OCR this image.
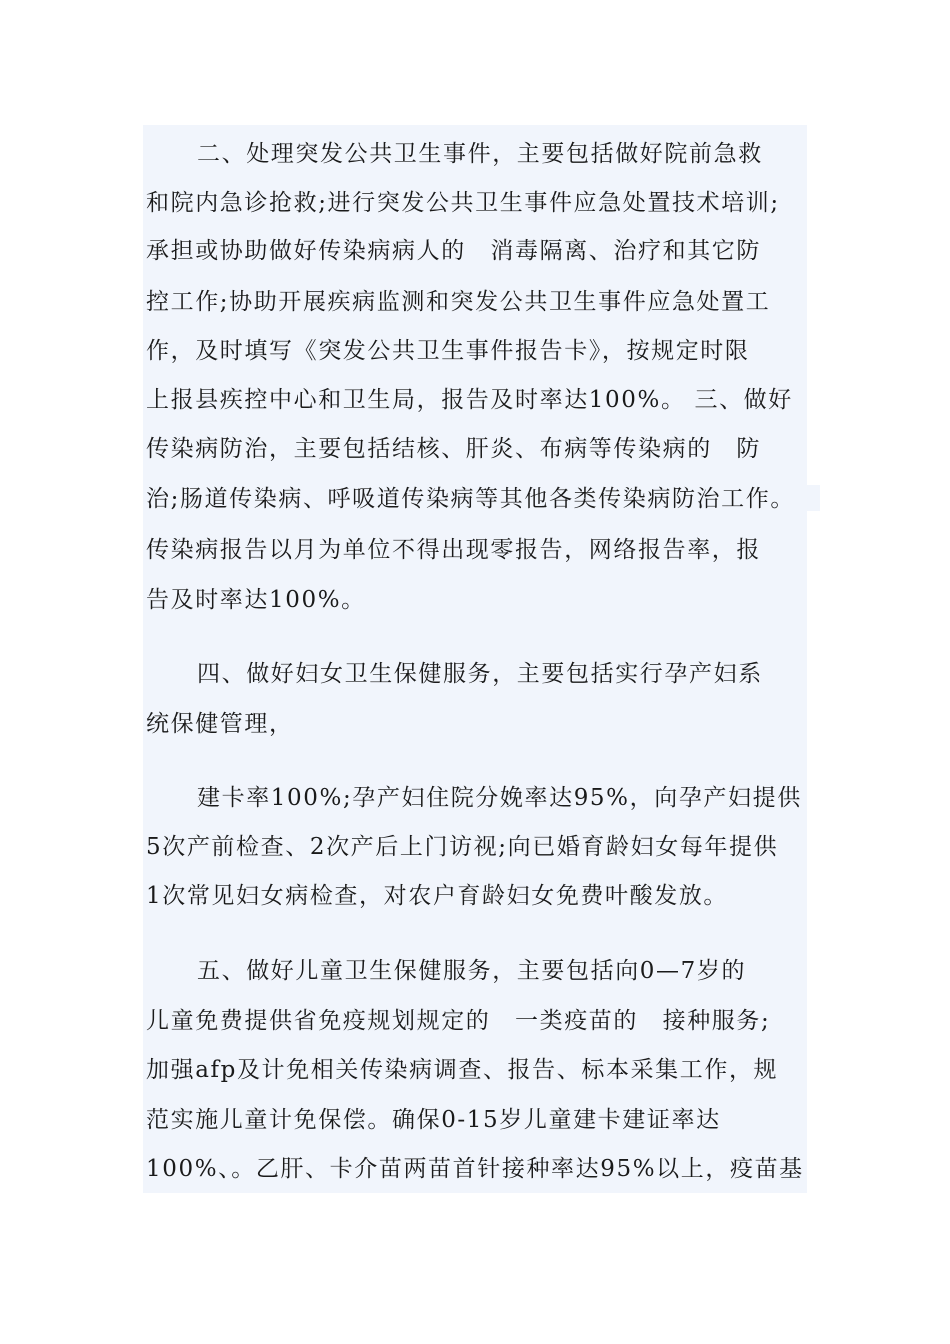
二、处理突发公共卫生事件，主要包括做好院前急救
和院内急诊抢救;进行突发公共卫生事件应急处置技术培训;
承担或协助做好传染病病人的　消毒隔离、治疗和其它防
控工作;协助开展疾病监测和突发公共卫生事件应急处置工
作，及时填写《突发公共卫生事件报告卡》，按规定时限
上报县疾控中心和卫生局，报告及时率达100%。 三、做好
传染病防治，主要包括结核、肝炎、布病等传染病的　防
治;肠道传染病、呼吸道传染病等其他各类传染病防治工作。
传染病报告以月为单位不得出现零报告，网络报告率，报
告及时率达100%。
四、做好妇女卫生保健服务，主要包括实行孕产妇系
统保健管理，
建卡率100%;孕产妇住院分娩率达95%，向孕产妇提供
5次产前检查、2次产后上门访视;向已婚育龄妇女每年提供
1次常见妇女病检查，对农户育龄妇女免费叶酸发放。
五、做好儿童卫生保健服务，主要包括向0—7岁的
儿童免费提供省免疫规划规定的　一类疫苗的　接种服务;
加强afp及计免相关传染病调查、报告、标本采集工作，规
范实施儿童计免保偿。确保0-15岁儿童建卡建证率达
100%、。乙肝、卡介苗两苗首针接种率达95%以上，疫苗基
